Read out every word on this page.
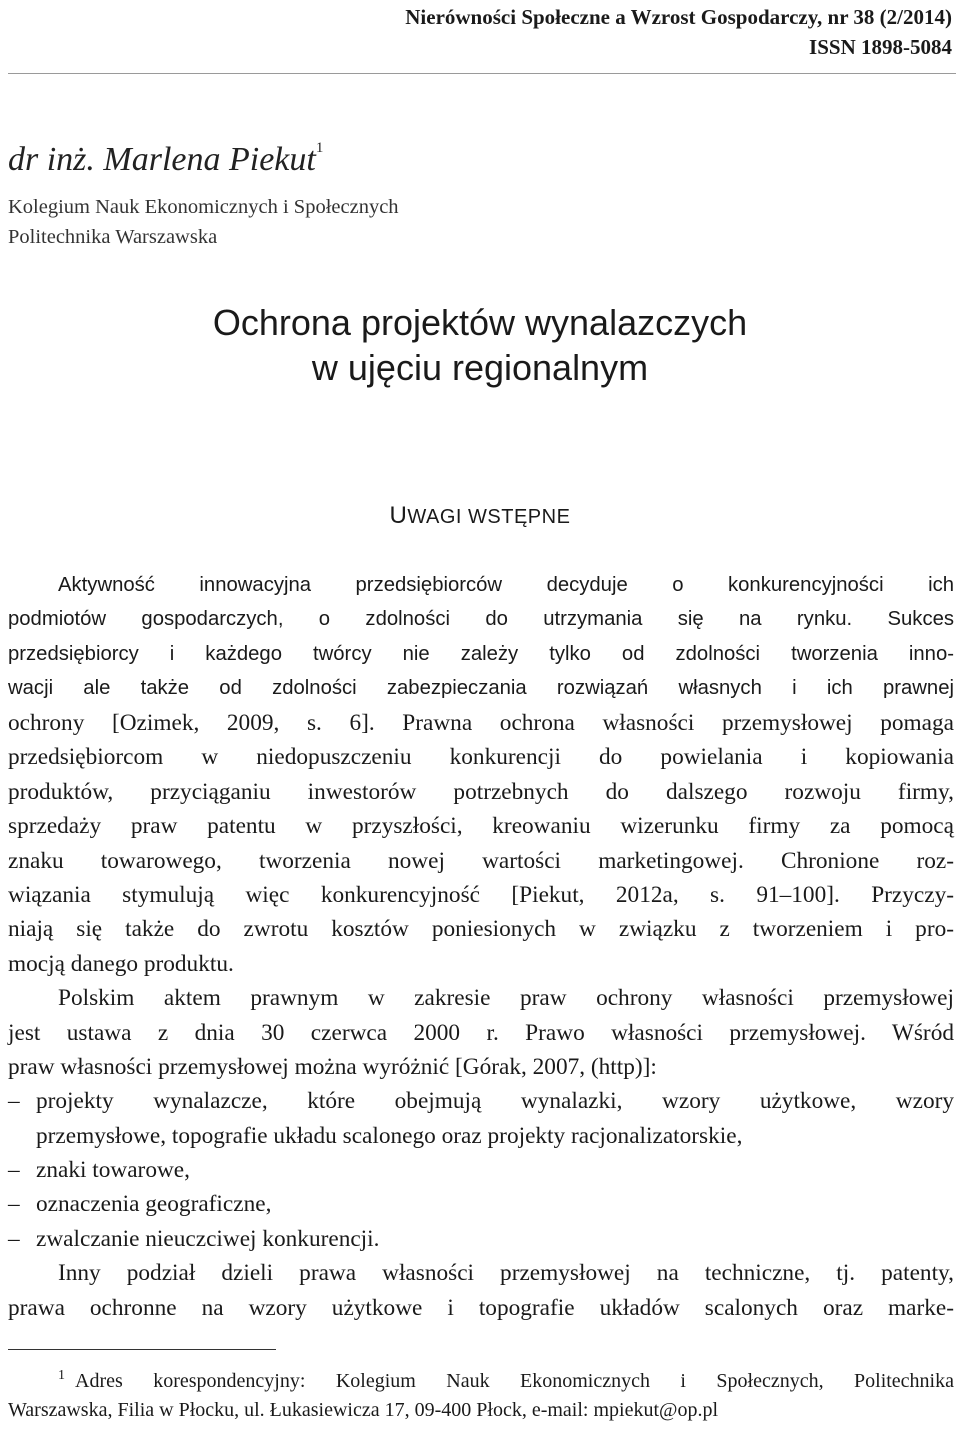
Nierówności Społeczne a Wzrost Gospodarczy, nr 38 (2/2014)
ISSN 1898-5084
dr inż. Marlena Piekut$^1$
Kolegium Nauk Ekonomicznych i Społecznych
Politechnika Warszawska
Ochrona projektów wynalazczych
w ujęciu regionalnym
UWAGI WSTĘPNE
Aktywność innowacyjna przedsiębiorców decyduje o konkurencyjności ich
podmiotów gospodarczych, o zdolności do utrzymania się na rynku. Sukces
przedsiębiorcy i każdego twórcy nie zależy tylko od zdolności tworzenia inno-
wacji ale także od zdolności zabezpieczania rozwiązań własnych i ich prawnej
ochrony [Ozimek, 2009, s. 6]. Prawna ochrona własności przemysłowej pomaga
przedsiębiorcom w niedopuszczeniu konkurencji do powielania i kopiowania
produktów, przyciąganiu inwestorów potrzebnych do dalszego rozwoju firmy,
sprzedaży praw patentu w przyszłości, kreowaniu wizerunku firmy za pomocą
znaku towarowego, tworzenia nowej wartości marketingowej. Chronione roz-
wiązania stymulują więc konkurencyjność [Piekut, 2012a, s. 91–100]. Przyczy-
niają się także do zwrotu kosztów poniesionych w związku z tworzeniem i pro-
mocją danego produktu.
Polskim aktem prawnym w zakresie praw ochrony własności przemysłowej
jest ustawa z dnia 30 czerwca 2000 r. Prawo własności przemysłowej. Wśród
praw własności przemysłowej można wyróżnić [Górak, 2007, (http)]:
– projekty wynalazcze, które obejmują wynalazki, wzory użytkowe, wzory
przemysłowe, topografie układu scalonego oraz projekty racjonalizatorskie,
– znaki towarowe,
– oznaczenia geograficzne,
– zwalczanie nieuczciwej konkurencji.
Inny podział dzieli prawa własności przemysłowej na techniczne, tj. patenty,
prawa ochronne na wzory użytkowe i topografie układów scalonych oraz marke-
$^1$ Adres korespondencyjny: Kolegium Nauk Ekonomicznych i Społecznych, Politechnika
Warszawska, Filia w Płocku, ul. Łukasiewicza 17, 09-400 Płock, e-mail: mpiekut@op.pl
